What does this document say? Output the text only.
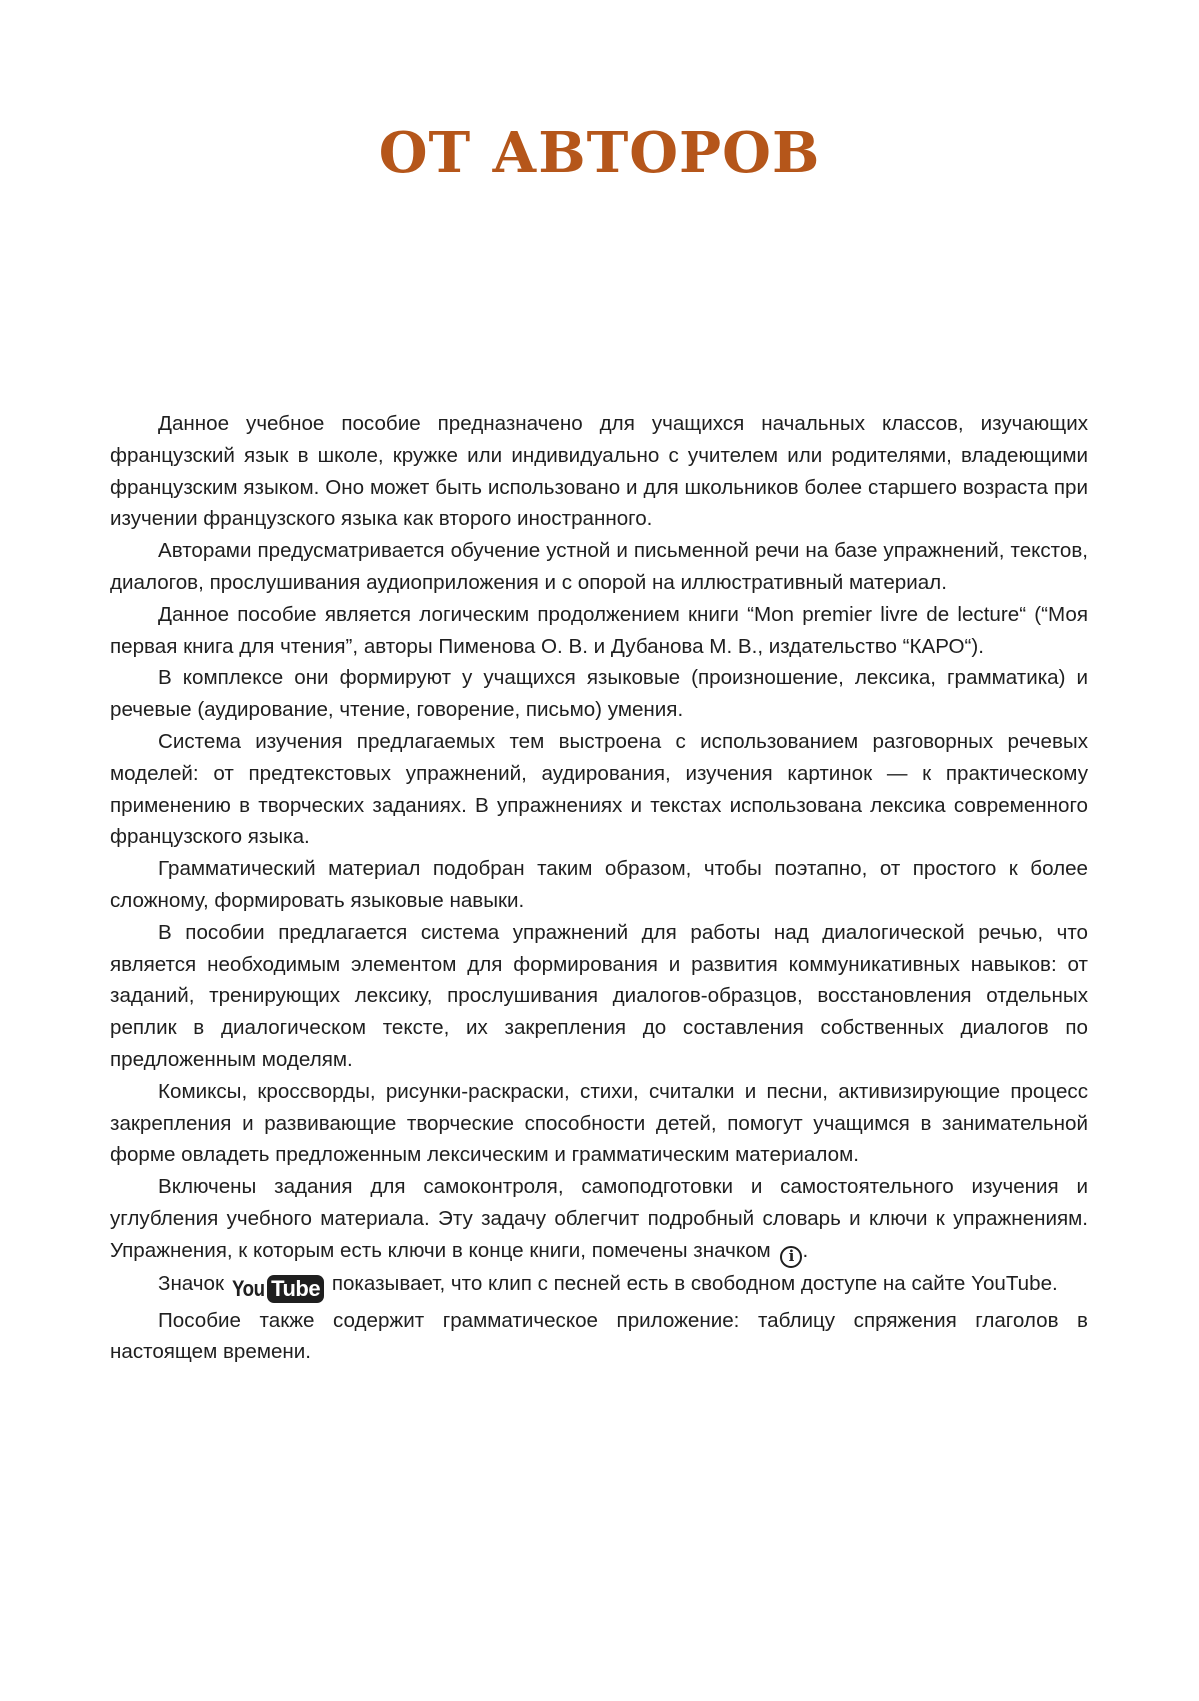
ОТ АВТОРОВ

Данное учебное пособие предназначено для учащихся начальных классов, изучающих французский язык в школе, кружке или индивидуально с учителем или родителями, владеющими французским языком. Оно может быть использовано и для школьников более старшего возраста при изучении французского языка как второго иностранного.

Авторами предусматривается обучение устной и письменной речи на базе упражнений, текстов, диалогов, прослушивания аудиоприложения и с опорой на иллюстративный материал.

Данное пособие является логическим продолжением книги “Mon premier livre de lecture“ (“Моя первая книга для чтения”, авторы Пименова О. В. и Дубанова М. В., издательство “КАРО“).

В комплексе они формируют у учащихся языковые (произношение, лексика, грамматика) и речевые (аудирование, чтение, говорение, письмо) умения.

Система изучения предлагаемых тем выстроена с использованием разговорных речевых моделей: от предтекстовых упражнений, аудирования, изучения картинок — к практическому применению в творческих заданиях. В упражнениях и текстах использована лексика современного французского языка.

Грамматический материал подобран таким образом, чтобы поэтапно, от простого к более сложному, формировать языковые навыки.

В пособии предлагается система упражнений для работы над диалогической речью, что является необходимым элементом для формирования и развития коммуникативных навыков: от заданий, тренирующих лексику, прослушивания диалогов-образцов, восстановления отдельных реплик в диалогическом тексте, их закрепления до составления собственных диалогов по предложенным моделям.

Комиксы, кроссворды, рисунки-раскраски, стихи, считалки и песни, активизирующие процесс закрепления и развивающие творческие способности детей, помогут учащимся в занимательной форме овладеть предложенным лексическим и грамматическим материалом.

Включены задания для самоконтроля, самоподготовки и самостоятельного изучения и углубления учебного материала. Эту задачу облегчит подробный словарь и ключи к упражнениям. Упражнения, к которым есть ключи в конце книги, помечены значком i .

Значок You Tube показывает, что клип с песней есть в свободном доступе на сайте YouTube.

Пособие также содержит грамматическое приложение: таблицу спряжения глаголов в настоящем времени.
